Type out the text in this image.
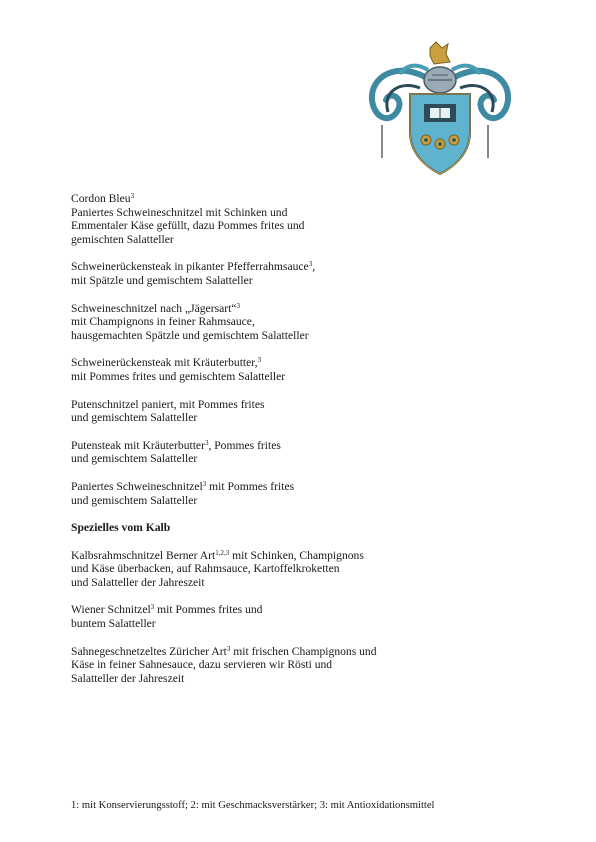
Cordon Bleu$^3$
Paniertes Schweineschnitzel mit Schinken und
Emmentaler Käse gefüllt, dazu Pommes frites und
gemischten Salatteller
Schweinerückensteak in pikanter Pfefferrahmsauce$^3$,
mit Spätzle und gemischtem Salatteller
Schweineschnitzel nach „Jägersart“$^3$
mit Champignons in feiner Rahmsauce,
hausgemachten Spätzle und gemischtem Salatteller
Schweinerückensteak mit Kräuterbutter,$^3$
mit Pommes frites und gemischtem Salatteller
Putenschnitzel paniert, mit Pommes frites
und gemischtem Salatteller
Putensteak mit Kräuterbutter$^3$, Pommes frites
und gemischtem Salatteller
Paniertes Schweineschnitzel$^3$ mit Pommes frites
und gemischtem Salatteller
Spezielles vom Kalb
Kalbsrahmschnitzel Berner Art$^{1,2,3}$ mit Schinken, Champignons
und Käse überbacken, auf Rahmsauce, Kartoffelkroketten
und Salatteller der Jahreszeit
Wiener Schnitzel$^3$ mit Pommes frites und
buntem Salatteller
Sahnegeschnetzeltes Züricher Art$^3$ mit frischen Champignons und
Käse in feiner Sahnesauce, dazu servieren wir Rösti und
Salatteller der Jahreszeit
1: mit Konservierungsstoff; 2: mit Geschmacksverstärker; 3: mit Antioxidationsmittel
